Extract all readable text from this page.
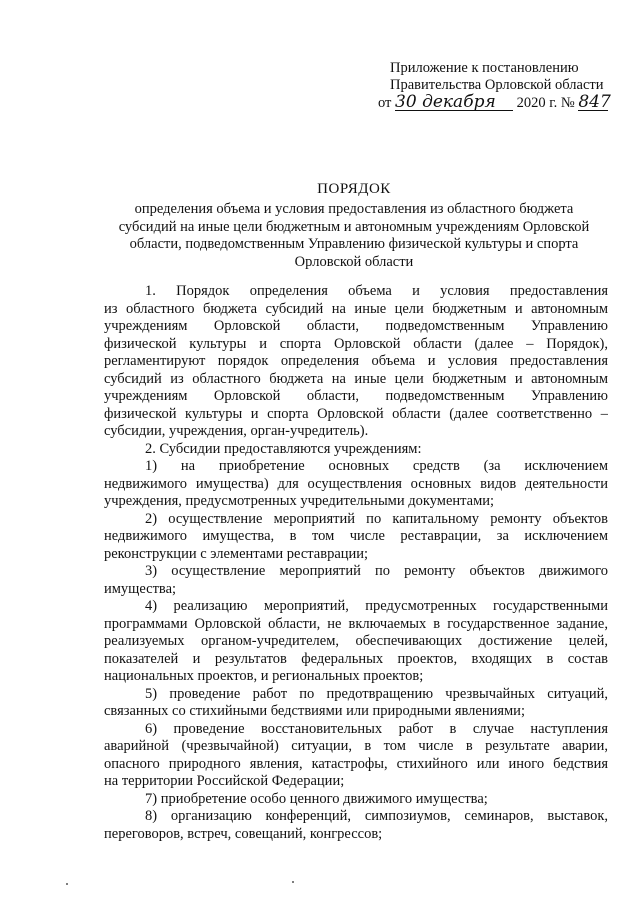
Приложение к постановлению
Правительства Орловской области
от 30 декабря 2020 г. № 847
ПОРЯДОК
определения объема и условия предоставления из областного бюджета
субсидий на иные цели бюджетным и автономным учреждениям Орловской
области, подведомственным Управлению физической культуры и спорта
Орловской области
1. Порядок определения объема и условия предоставления
из областного бюджета субсидий на иные цели бюджетным и автономным
учреждениям Орловской области, подведомственным Управлению
физической культуры и спорта Орловской области (далее – Порядок),
регламентируют порядок определения объема и условия предоставления
субсидий из областного бюджета на иные цели бюджетным и автономным
учреждениям Орловской области, подведомственным Управлению
физической культуры и спорта Орловской области (далее соответственно –
субсидии, учреждения, орган-учредитель).
2. Субсидии предоставляются учреждениям:
1) на приобретение основных средств (за исключением
недвижимого имущества) для осуществления основных видов деятельности
учреждения, предусмотренных учредительными документами;
2) осуществление мероприятий по капитальному ремонту объектов
недвижимого имущества, в том числе реставрации, за исключением
реконструкции с элементами реставрации;
3) осуществление мероприятий по ремонту объектов движимого
имущества;
4) реализацию мероприятий, предусмотренных государственными
программами Орловской области, не включаемых в государственное задание,
реализуемых органом-учредителем, обеспечивающих достижение целей,
показателей и результатов федеральных проектов, входящих в состав
национальных проектов, и региональных проектов;
5) проведение работ по предотвращению чрезвычайных ситуаций,
связанных со стихийными бедствиями или природными явлениями;
6) проведение восстановительных работ в случае наступления
аварийной (чрезвычайной) ситуации, в том числе в результате аварии,
опасного природного явления, катастрофы, стихийного или иного бедствия
на территории Российской Федерации;
7) приобретение особо ценного движимого имущества;
8) организацию конференций, симпозиумов, семинаров, выставок,
переговоров, встреч, совещаний, конгрессов;
